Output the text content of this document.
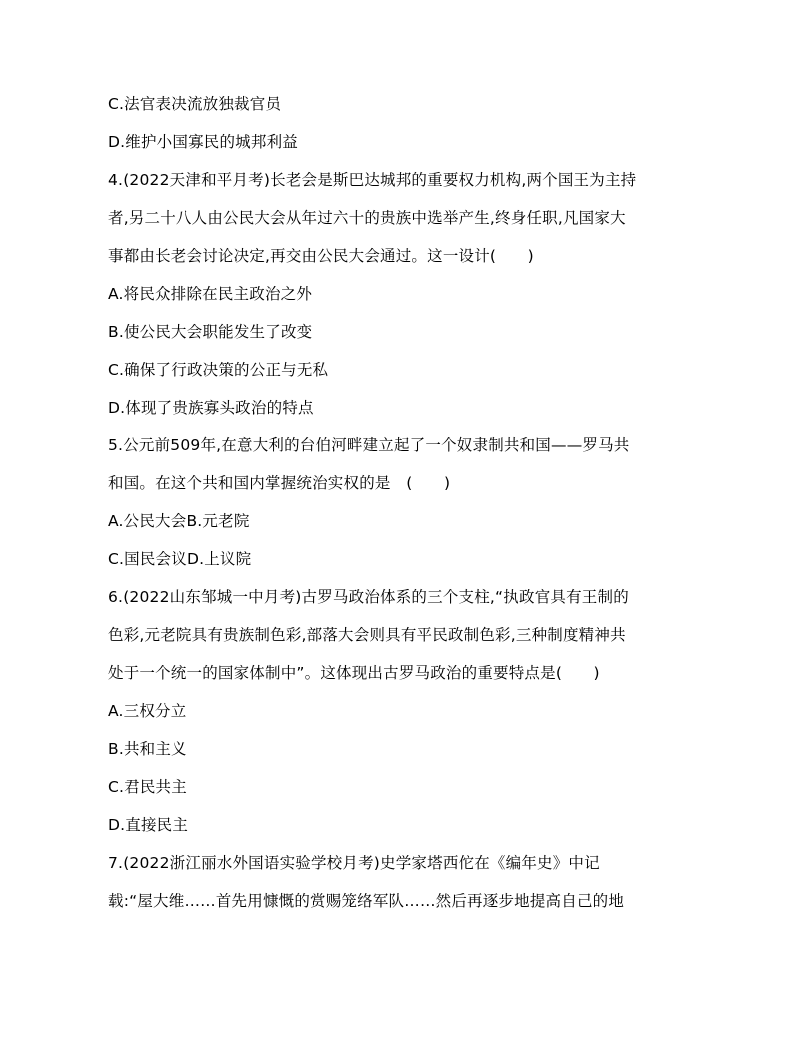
C.法官表决流放独裁官员
D.维护小国寡民的城邦利益
4.(2022天津和平月考)长老会是斯巴达城邦的重要权力机构,两个国王为主持
者,另二十八人由公民大会从年过六十的贵族中选举产生,终身任职,凡国家大
事都由长老会讨论决定,再交由公民大会通过。这一设计(　　)
A.将民众排除在民主政治之外
B.使公民大会职能发生了改变
C.确保了行政决策的公正与无私
D.体现了贵族寡头政治的特点
5.公元前509年,在意大利的台伯河畔建立起了一个奴隶制共和国——罗马共
和国。在这个共和国内掌握统治实权的是　(　　)
A.公民大会B.元老院
C.国民会议D.上议院
6.(2022山东邹城一中月考)古罗马政治体系的三个支柱,“执政官具有王制的
色彩,元老院具有贵族制色彩,部落大会则具有平民政制色彩,三种制度精神共
处于一个统一的国家体制中”。这体现出古罗马政治的重要特点是(　　)
A.三权分立
B.共和主义
C.君民共主
D.直接民主
7.(2022浙江丽水外国语实验学校月考)史学家塔西佗在《编年史》中记
载:“屋大维……首先用慷慨的赏赐笼络军队……然后再逐步地提高自己的地
